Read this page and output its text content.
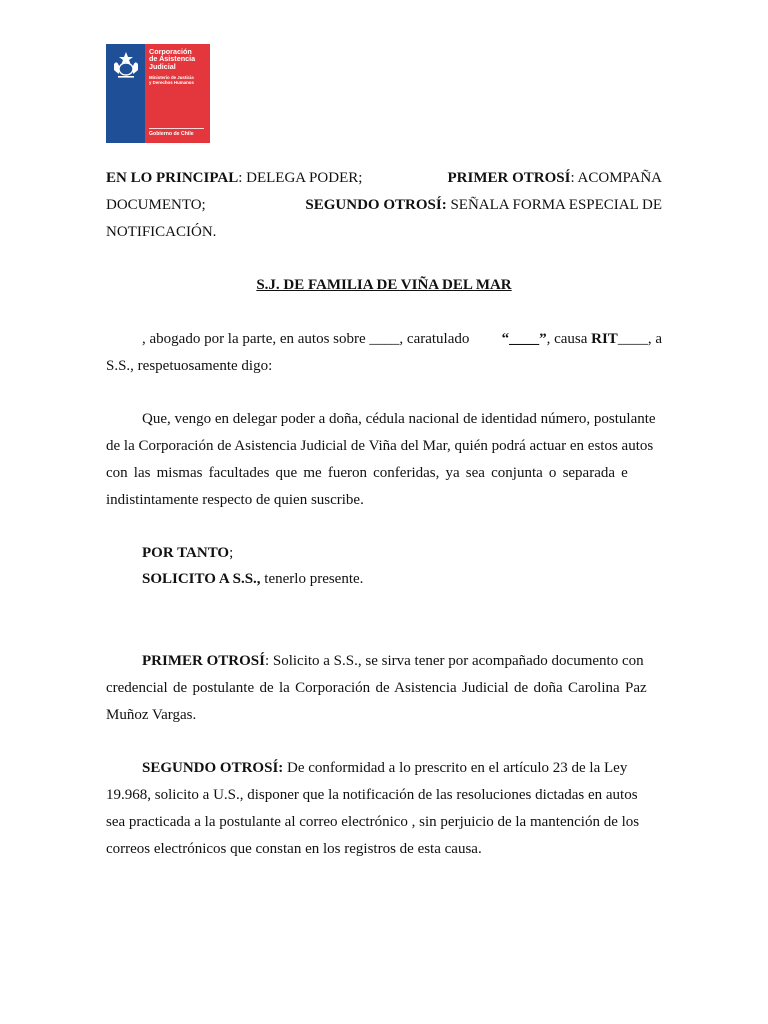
Corporación
de Asistencia
Judicial
Ministerio de Justicia
y Derechos Humanos
Gobierno de Chile
EN LO PRINCIPAL: DELEGA PODER;	PRIMER OTROSÍ: ACOMPAÑA
DOCUMENTO;	SEGUNDO OTROSÍ: SEÑALA FORMA ESPECIAL DE
NOTIFICACIÓN.
S.J. DE FAMILIA DE VIÑA DEL MAR
, abogado por la parte, en autos sobre ____, caratulado “____”, causa RIT____, a
S.S., respetuosamente digo:
Que, vengo en delegar poder a doña, cédula nacional de identidad número, postulante
de la Corporación de Asistencia Judicial de Viña del Mar, quién podrá actuar en estos autos
con las mismas facultades que me fueron conferidas, ya sea conjunta o separada e
indistintamente respecto de quien suscribe.
POR TANTO;
SOLICITO A S.S., tenerlo presente.
PRIMER OTROSÍ: Solicito a S.S., se sirva tener por acompañado documento con
credencial de postulante de la Corporación de Asistencia Judicial de doña Carolina Paz
Muñoz Vargas.
SEGUNDO OTROSÍ: De conformidad a lo prescrito en el artículo 23 de la Ley
19.968, solicito a U.S., disponer que la notificación de las resoluciones dictadas en autos
sea practicada a la postulante al correo electrónico , sin perjuicio de la mantención de los
correos electrónicos que constan en los registros de esta causa.
